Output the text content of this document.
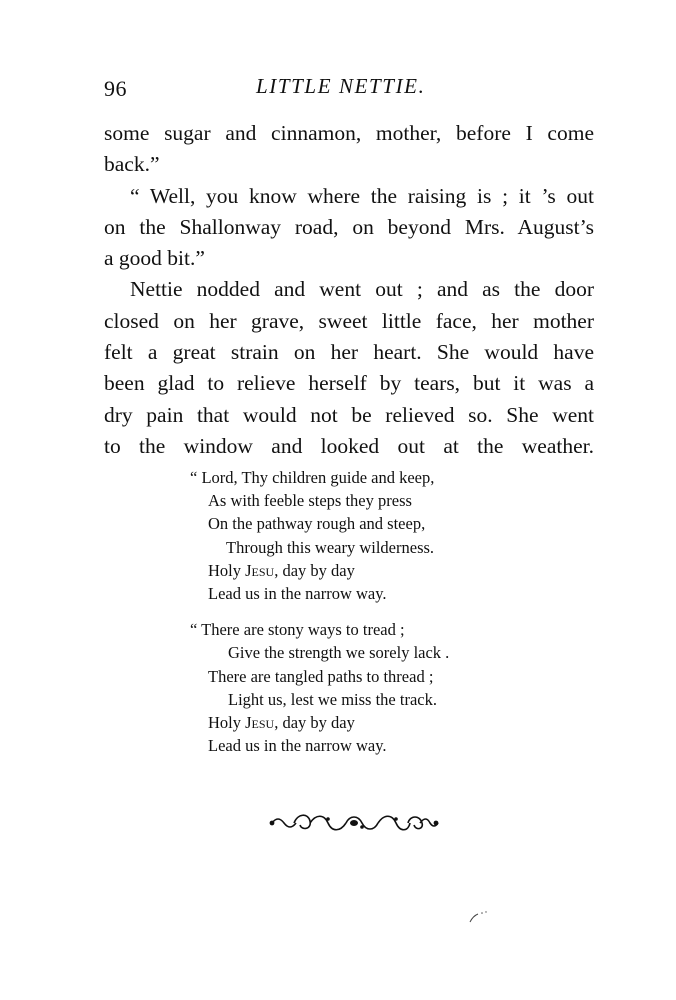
96	LITTLE NETTIE.
some sugar and cinnamon, mother, before I come
back.”
“ Well, you know where the raising is ; it ’s out
on the Shallonway road, on beyond Mrs. August’s
a good bit.”
Nettie nodded and went out ; and as the door
closed on her grave, sweet little face, her mother
felt a great strain on her heart. She would have
been glad to relieve herself by tears, but it was a
dry pain that would not be relieved so. She went
to the window and looked out at the weather.
“ Lord, Thy children guide and keep,
As with feeble steps they press
On the pathway rough and steep,
Through this weary wilderness.
Holy Jesu, day by day
Lead us in the narrow way.
“ There are stony ways to tread ;
Give the strength we sorely lack .
There are tangled paths to thread ;
Light us, lest we miss the track.
Holy Jesu, day by day
Lead us in the narrow way.
